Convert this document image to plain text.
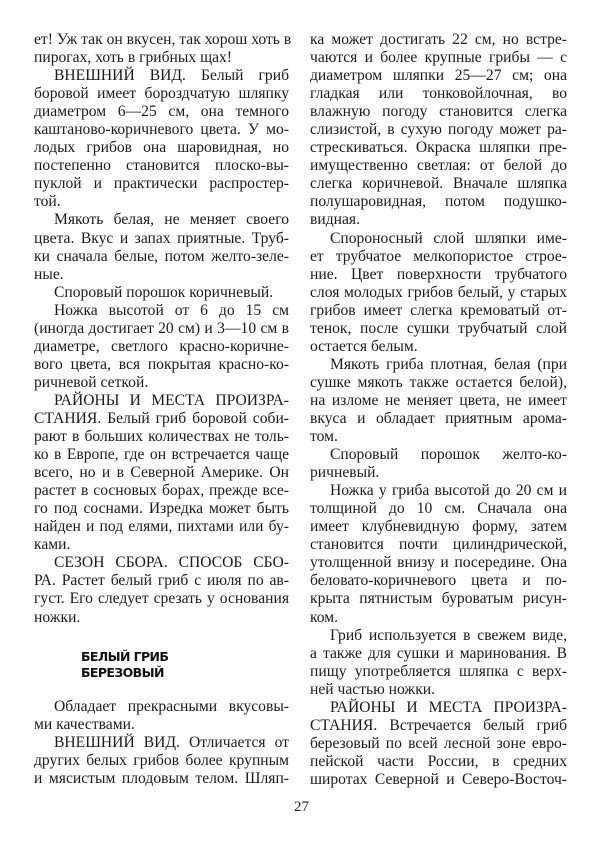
ет! Уж так он вкусен, так хорош хоть в
пирогах, хоть в грибных щах!
ВНЕШНИЙ ВИД. Белый гриб
боровой имеет бороздчатую шляпку
диаметром 6—25 см, она темного
каштаново-коричневого цвета. У мо-
лодых грибов она шаровидная, но
постепенно становится плоско-вы-
пуклой и практически распростер-
той.
Мякоть белая, не меняет своего
цвета. Вкус и запах приятные. Труб-
ки сначала белые, потом желто-зеле-
ные.
Споровый порошок коричневый.
Ножка высотой от 6 до 15 см
(иногда достигает 20 см) и 3—10 см в
диаметре, светлого красно-коричне-
вого цвета, вся покрытая красно-ко-
ричневой сеткой.
РАЙОНЫ И МЕСТА ПРОИЗРА-
СТАНИЯ. Белый гриб боровой соби-
рают в больших количествах не толь-
ко в Европе, где он встречается чаще
всего, но и в Северной Америке. Он
растет в сосновых борах, прежде все-
го под соснами. Изредка может быть
найден и под елями, пихтами или бу-
ками.
СЕЗОН СБОРА. СПОСОБ СБО-
РА. Растет белый гриб с июля по ав-
густ. Его следует срезать у основания
ножки.
БЕЛЫЙ ГРИБ
БЕРЕЗОВЫЙ
Обладает прекрасными вкусовы-
ми качествами.
ВНЕШНИЙ ВИД. Отличается от
других белых грибов более крупным
и мясистым плодовым телом. Шляп-
ка может достигать 22 см, но встре-
чаются и более крупные грибы — с
диаметром шляпки 25—27 см; она
гладкая или тонковойлочная, во
влажную погоду становится слегка
слизистой, в сухую погоду может ра-
стрескиваться. Окраска шляпки пре-
имущественно светлая: от белой до
слегка коричневой. Вначале шляпка
полушаровидная, потом подушко-
видная.
Спороносный слой шляпки име-
ет трубчатое мелкопористое строе-
ние. Цвет поверхности трубчатого
слоя молодых грибов белый, у старых
грибов имеет слегка кремоватый от-
тенок, после сушки трубчатый слой
остается белым.
Мякоть гриба плотная, белая (при
сушке мякоть также остается белой),
на изломе не меняет цвета, не имеет
вкуса и обладает приятным арома-
том.
Споровый порошок желто-ко-
ричневый.
Ножка у гриба высотой до 20 см и
толщиной до 10 см. Сначала она
имеет клубневидную форму, затем
становится почти цилиндрической,
утолщенной внизу и посередине. Она
беловато-коричневого цвета и по-
крыта пятнистым буроватым рисун-
ком.
Гриб используется в свежем виде,
а также для сушки и маринования. В
пищу употребляется шляпка с верх-
ней частью ножки.
РАЙОНЫ И МЕСТА ПРОИЗРА-
СТАНИЯ. Встречается белый гриб
березовый по всей лесной зоне евро-
пейской части России, в средних
широтах Северной и Северо-Восточ-
27
